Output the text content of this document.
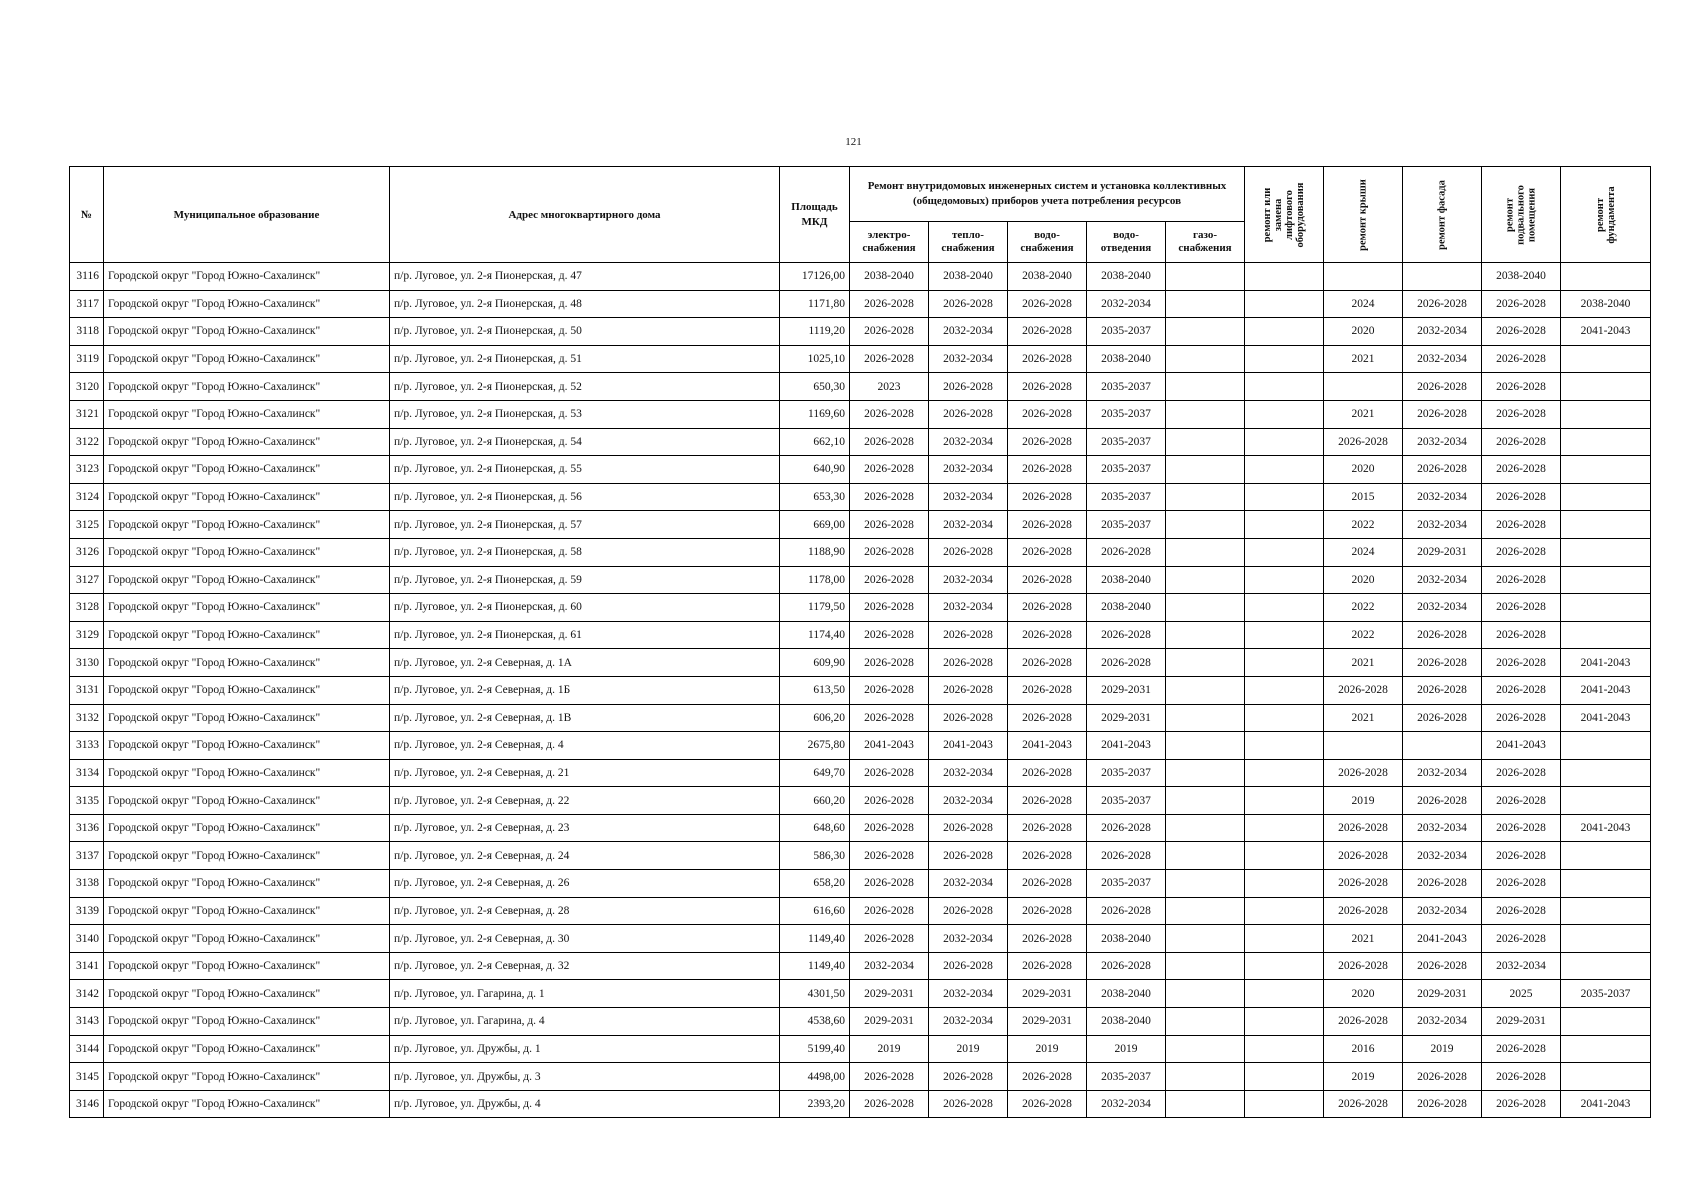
121
№	Муниципальное образование	Адрес многоквартирного дома	Площадь МКД	Ремонт внутридомовых инженерных систем и установка коллективных (общедомовых) приборов учета потребления ресурсов					ремонт или замена лифтового оборудования	ремонт крыши	ремонт фасада	ремонт подвального помещения	ремонт фундамента

				электро-снабжения	тепло-снабжения	водо-снабжения	водо-отведения	газо-снабжения					
3116	Городской округ "Город Южно-Сахалинск"	п/р. Луговое, ул. 2-я Пионерская, д. 47	17126,00	2038-2040	2038-2040	2038-2040	2038-2040					2038-2040	
3117	Городской округ "Город Южно-Сахалинск"	п/р. Луговое, ул. 2-я Пионерская, д. 48	1171,80	2026-2028	2026-2028	2026-2028	2032-2034			2024	2026-2028	2026-2028	2038-2040
3118	Городской округ "Город Южно-Сахалинск"	п/р. Луговое, ул. 2-я Пионерская, д. 50	1119,20	2026-2028	2032-2034	2026-2028	2035-2037			2020	2032-2034	2026-2028	2041-2043
3119	Городской округ "Город Южно-Сахалинск"	п/р. Луговое, ул. 2-я Пионерская, д. 51	1025,10	2026-2028	2032-2034	2026-2028	2038-2040			2021	2032-2034	2026-2028	
3120	Городской округ "Город Южно-Сахалинск"	п/р. Луговое, ул. 2-я Пионерская, д. 52	650,30	2023	2026-2028	2026-2028	2035-2037				2026-2028	2026-2028	
3121	Городской округ "Город Южно-Сахалинск"	п/р. Луговое, ул. 2-я Пионерская, д. 53	1169,60	2026-2028	2026-2028	2026-2028	2035-2037			2021	2026-2028	2026-2028	
3122	Городской округ "Город Южно-Сахалинск"	п/р. Луговое, ул. 2-я Пионерская, д. 54	662,10	2026-2028	2032-2034	2026-2028	2035-2037			2026-2028	2032-2034	2026-2028	
3123	Городской округ "Город Южно-Сахалинск"	п/р. Луговое, ул. 2-я Пионерская, д. 55	640,90	2026-2028	2032-2034	2026-2028	2035-2037			2020	2026-2028	2026-2028	
3124	Городской округ "Город Южно-Сахалинск"	п/р. Луговое, ул. 2-я Пионерская, д. 56	653,30	2026-2028	2032-2034	2026-2028	2035-2037			2015	2032-2034	2026-2028	
3125	Городской округ "Город Южно-Сахалинск"	п/р. Луговое, ул. 2-я Пионерская, д. 57	669,00	2026-2028	2032-2034	2026-2028	2035-2037			2022	2032-2034	2026-2028	
3126	Городской округ "Город Южно-Сахалинск"	п/р. Луговое, ул. 2-я Пионерская, д. 58	1188,90	2026-2028	2026-2028	2026-2028	2026-2028			2024	2029-2031	2026-2028	
3127	Городской округ "Город Южно-Сахалинск"	п/р. Луговое, ул. 2-я Пионерская, д. 59	1178,00	2026-2028	2032-2034	2026-2028	2038-2040			2020	2032-2034	2026-2028	
3128	Городской округ "Город Южно-Сахалинск"	п/р. Луговое, ул. 2-я Пионерская, д. 60	1179,50	2026-2028	2032-2034	2026-2028	2038-2040			2022	2032-2034	2026-2028	
3129	Городской округ "Город Южно-Сахалинск"	п/р. Луговое, ул. 2-я Пионерская, д. 61	1174,40	2026-2028	2026-2028	2026-2028	2026-2028			2022	2026-2028	2026-2028	
3130	Городской округ "Город Южно-Сахалинск"	п/р. Луговое, ул. 2-я Северная, д. 1А	609,90	2026-2028	2026-2028	2026-2028	2026-2028			2021	2026-2028	2026-2028	2041-2043
3131	Городской округ "Город Южно-Сахалинск"	п/р. Луговое, ул. 2-я Северная, д. 1Б	613,50	2026-2028	2026-2028	2026-2028	2029-2031			2026-2028	2026-2028	2026-2028	2041-2043
3132	Городской округ "Город Южно-Сахалинск"	п/р. Луговое, ул. 2-я Северная, д. 1В	606,20	2026-2028	2026-2028	2026-2028	2029-2031			2021	2026-2028	2026-2028	2041-2043
3133	Городской округ "Город Южно-Сахалинск"	п/р. Луговое, ул. 2-я Северная, д. 4	2675,80	2041-2043	2041-2043	2041-2043	2041-2043					2041-2043	
3134	Городской округ "Город Южно-Сахалинск"	п/р. Луговое, ул. 2-я Северная, д. 21	649,70	2026-2028	2032-2034	2026-2028	2035-2037			2026-2028	2032-2034	2026-2028	
3135	Городской округ "Город Южно-Сахалинск"	п/р. Луговое, ул. 2-я Северная, д. 22	660,20	2026-2028	2032-2034	2026-2028	2035-2037			2019	2026-2028	2026-2028	
3136	Городской округ "Город Южно-Сахалинск"	п/р. Луговое, ул. 2-я Северная, д. 23	648,60	2026-2028	2026-2028	2026-2028	2026-2028			2026-2028	2032-2034	2026-2028	2041-2043
3137	Городской округ "Город Южно-Сахалинск"	п/р. Луговое, ул. 2-я Северная, д. 24	586,30	2026-2028	2026-2028	2026-2028	2026-2028			2026-2028	2032-2034	2026-2028	
3138	Городской округ "Город Южно-Сахалинск"	п/р. Луговое, ул. 2-я Северная, д. 26	658,20	2026-2028	2032-2034	2026-2028	2035-2037			2026-2028	2026-2028	2026-2028	
3139	Городской округ "Город Южно-Сахалинск"	п/р. Луговое, ул. 2-я Северная, д. 28	616,60	2026-2028	2026-2028	2026-2028	2026-2028			2026-2028	2032-2034	2026-2028	
3140	Городской округ "Город Южно-Сахалинск"	п/р. Луговое, ул. 2-я Северная, д. 30	1149,40	2026-2028	2032-2034	2026-2028	2038-2040			2021	2041-2043	2026-2028	
3141	Городской округ "Город Южно-Сахалинск"	п/р. Луговое, ул. 2-я Северная, д. 32	1149,40	2032-2034	2026-2028	2026-2028	2026-2028			2026-2028	2026-2028	2032-2034	
3142	Городской округ "Город Южно-Сахалинск"	п/р. Луговое, ул. Гагарина, д. 1	4301,50	2029-2031	2032-2034	2029-2031	2038-2040			2020	2029-2031	2025	2035-2037
3143	Городской округ "Город Южно-Сахалинск"	п/р. Луговое, ул. Гагарина, д. 4	4538,60	2029-2031	2032-2034	2029-2031	2038-2040			2026-2028	2032-2034	2029-2031	
3144	Городской округ "Город Южно-Сахалинск"	п/р. Луговое, ул. Дружбы, д. 1	5199,40	2019	2019	2019	2019			2016	2019	2026-2028	
3145	Городской округ "Город Южно-Сахалинск"	п/р. Луговое, ул. Дружбы, д. 3	4498,00	2026-2028	2026-2028	2026-2028	2035-2037			2019	2026-2028	2026-2028	
3146	Городской округ "Город Южно-Сахалинск"	п/р. Луговое, ул. Дружбы, д. 4	2393,20	2026-2028	2026-2028	2026-2028	2032-2034			2026-2028	2026-2028	2026-2028	2041-2043
